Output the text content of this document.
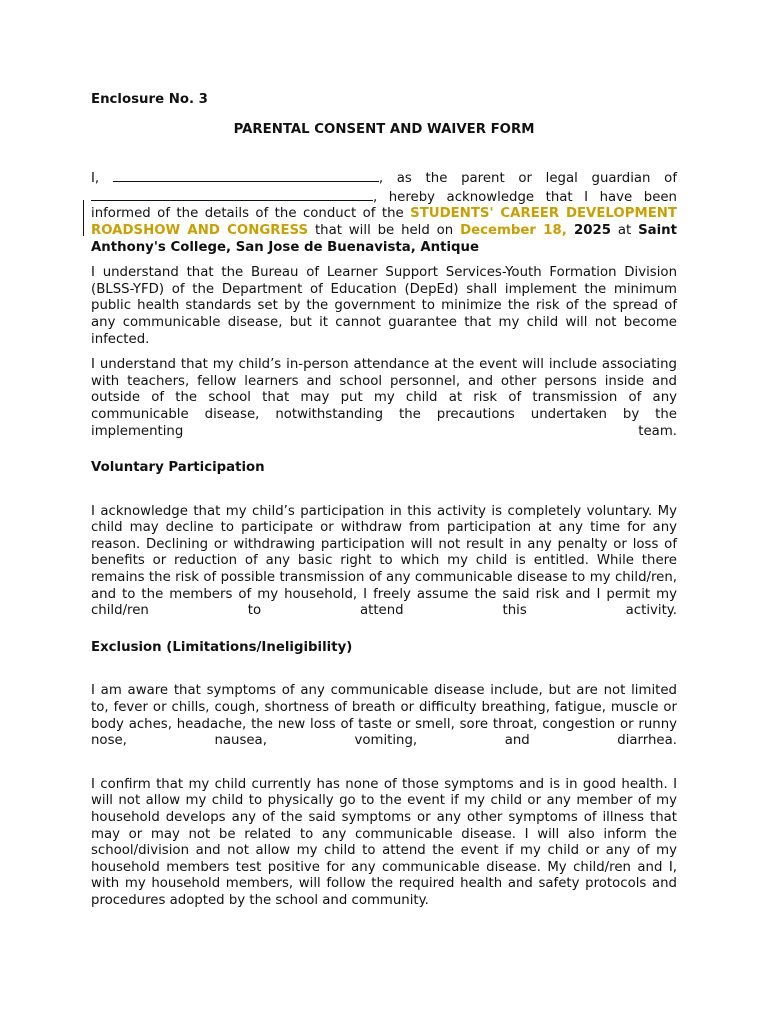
Enclosure No. 3
PARENTAL CONSENT AND WAIVER FORM

I,	, as the parent or legal guardian of , hereby acknowledge that I have been informed of the details of the conduct of the STUDENTS' CAREER DEVELOPMENT ROADSHOW AND CONGRESS that will be held on December 18, 2025 at Saint Anthony's College, San Jose de Buenavista, Antique

I understand that the Bureau of Learner Support Services-Youth Formation Division (BLSS-YFD) of the Department of Education (DepEd) shall implement the minimum public health standards set by the government to minimize the risk of the spread of any communicable disease, but it cannot guarantee that my child will not become infected.

I understand that my child’s in-person attendance at the event will include associating with teachers, fellow learners and school personnel, and other persons inside and outside of the school that may put my child at risk of transmission of any communicable disease, notwithstanding the precautions undertaken by the implementing team.

Voluntary Participation

I acknowledge that my child’s participation in this activity is completely voluntary. My child may decline to participate or withdraw from participation at any time for any reason. Declining or withdrawing participation will not result in any penalty or loss of benefits or reduction of any basic right to which my child is entitled. While there remains the risk of possible transmission of any communicable disease to my child/ren, and to the members of my household, I freely assume the said risk and I permit my child/ren to attend this activity.

Exclusion (Limitations/Ineligibility)

I am aware that symptoms of any communicable disease include, but are not limited to, fever or chills, cough, shortness of breath or difficulty breathing, fatigue, muscle or body aches, headache, the new loss of taste or smell, sore throat, congestion or runny nose, nausea, vomiting, and diarrhea.

I confirm that my child currently has none of those symptoms and is in good health. I will not allow my child to physically go to the event if my child or any member of my household develops any of the said symptoms or any other symptoms of illness that may or may not be related to any communicable disease. I will also inform the school/division and not allow my child to attend the event if my child or any of my household members test positive for any communicable disease. My child/ren and I, with my household members, will follow the required health and safety protocols and procedures adopted by the school and community.
